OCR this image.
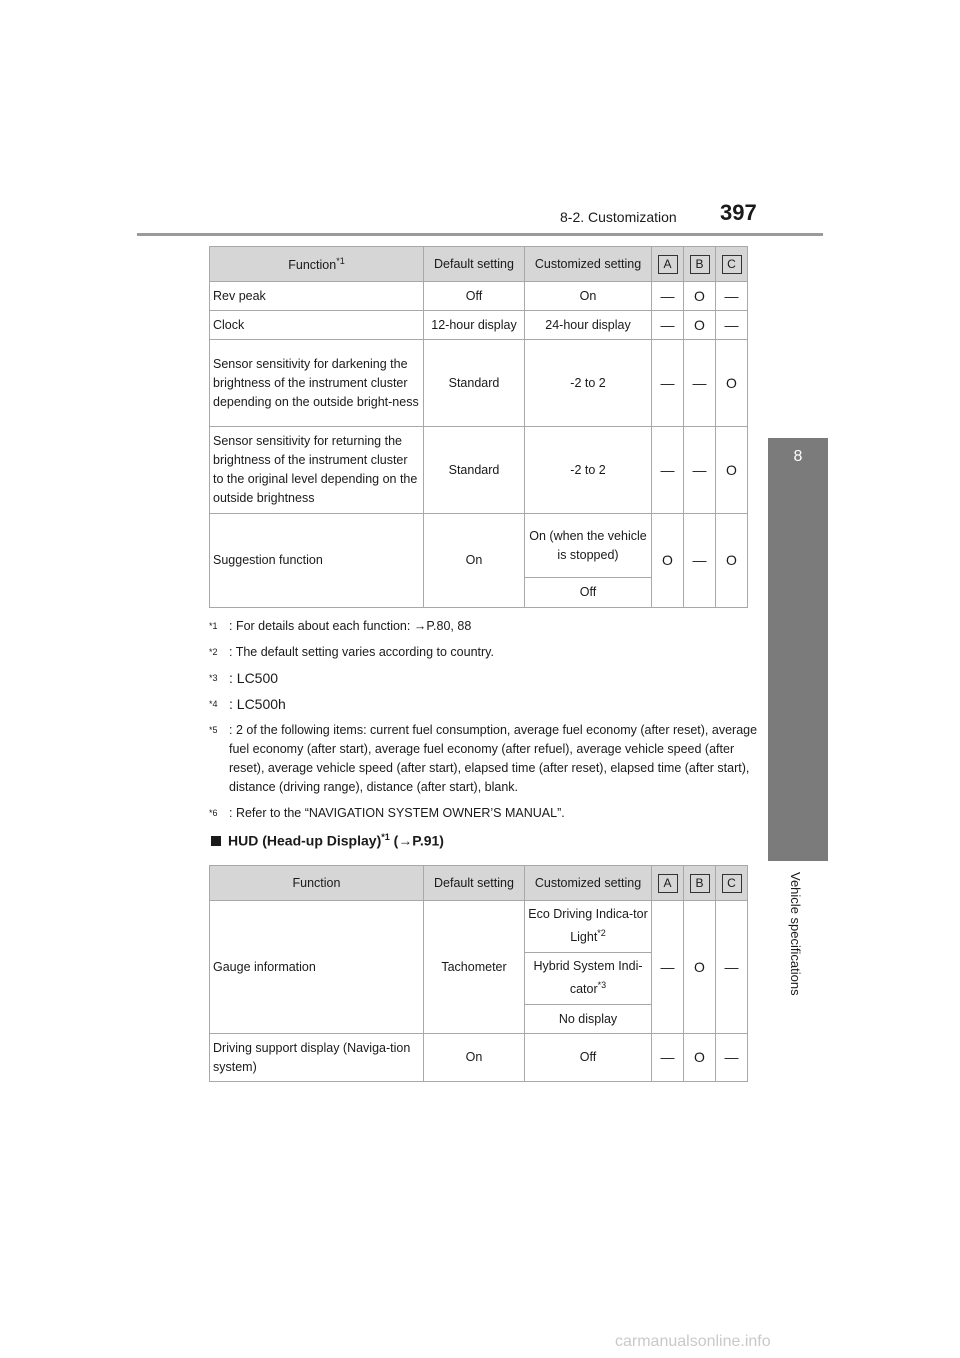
8-2. Customization 397
8
Vehicle specifications
Function$^{*1}$	Default setting	Customized setting	A	B	C
Rev peak	Off	On	—	O	—
Clock	12-hour display	24-hour display	—	O	—
Sensor sensitivity for darkening the brightness of the instrument cluster depending on the outside bright-ness	Standard	-2 to 2	—	—	O
Sensor sensitivity for returning the brightness of the instrument cluster to the original level depending on the outside brightness	Standard	-2 to 2	—	—	O
Suggestion function	On	On (when the vehicle is stopped)	O	—	O
		Off			
*1 : For details about each function: →P.80, 88
*2 : The default setting varies according to country.
*3 : LC500
*4 : LC500h
*5 : 2 of the following items: current fuel consumption, average fuel economy (after reset), average fuel economy (after start), average fuel economy (after refuel), average vehicle speed (after reset), average vehicle speed (after start), elapsed time (after reset), elapsed time (after start), distance (driving range), distance (after start), blank.
*6 : Refer to the “NAVIGATION SYSTEM OWNER’S MANUAL”.
HUD (Head-up Display)$^{*1}$ (→P.91)
Function	Default setting	Customized setting	A	B	C
Gauge information	Tachometer	Eco Driving Indica-tor Light$^{*2}$	—	O	—
		Hybrid System Indi-cator$^{*3}$
		No display			
Driving support display (Naviga-tion system)	On	Off	—	O	—
carmanualsonline.info
